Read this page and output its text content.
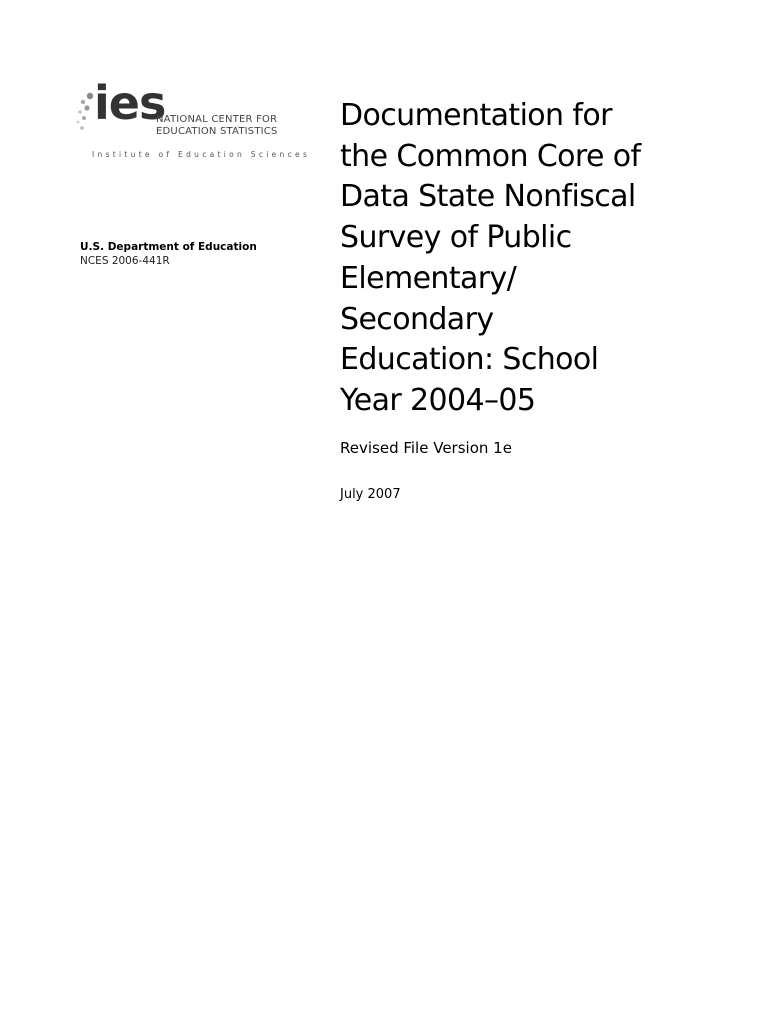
ies
NATIONAL CENTER FOR
EDUCATION STATISTICS
Institute of Education Sciences
U.S. Department of Education
NCES 2006-441R
Documentation for
the Common Core of
Data State Nonfiscal
Survey of Public
Elementary/
Secondary
Education: School
Year 2004–05
Revised File Version 1e
July 2007
